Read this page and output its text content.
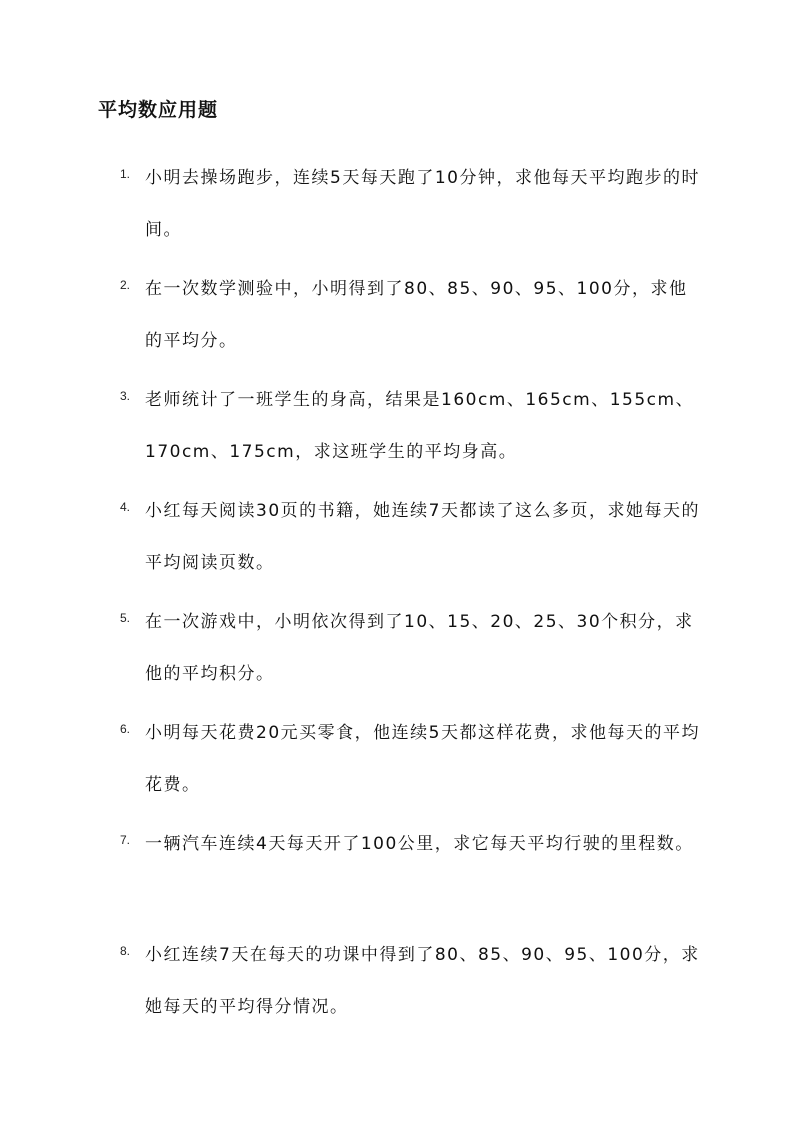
平均数应用题
1. 小明去操场跑步，连续5天每天跑了10分钟，求他每天平均跑步的时间。
2. 在一次数学测验中，小明得到了80、85、90、95、100分，求他的平均分。
3. 老师统计了一班学生的身高，结果是160cm、165cm、155cm、170cm、175cm，求这班学生的平均身高。
4. 小红每天阅读30页的书籍，她连续7天都读了这么多页，求她每天的平均阅读页数。
5. 在一次游戏中，小明依次得到了10、15、20、25、30个积分，求他的平均积分。
6. 小明每天花费20元买零食，他连续5天都这样花费，求他每天的平均花费。
7. 一辆汽车连续4天每天开了100公里，求它每天平均行驶的里程数。
8. 小红连续7天在每天的功课中得到了80、85、90、95、100分，求她每天的平均得分情况。
